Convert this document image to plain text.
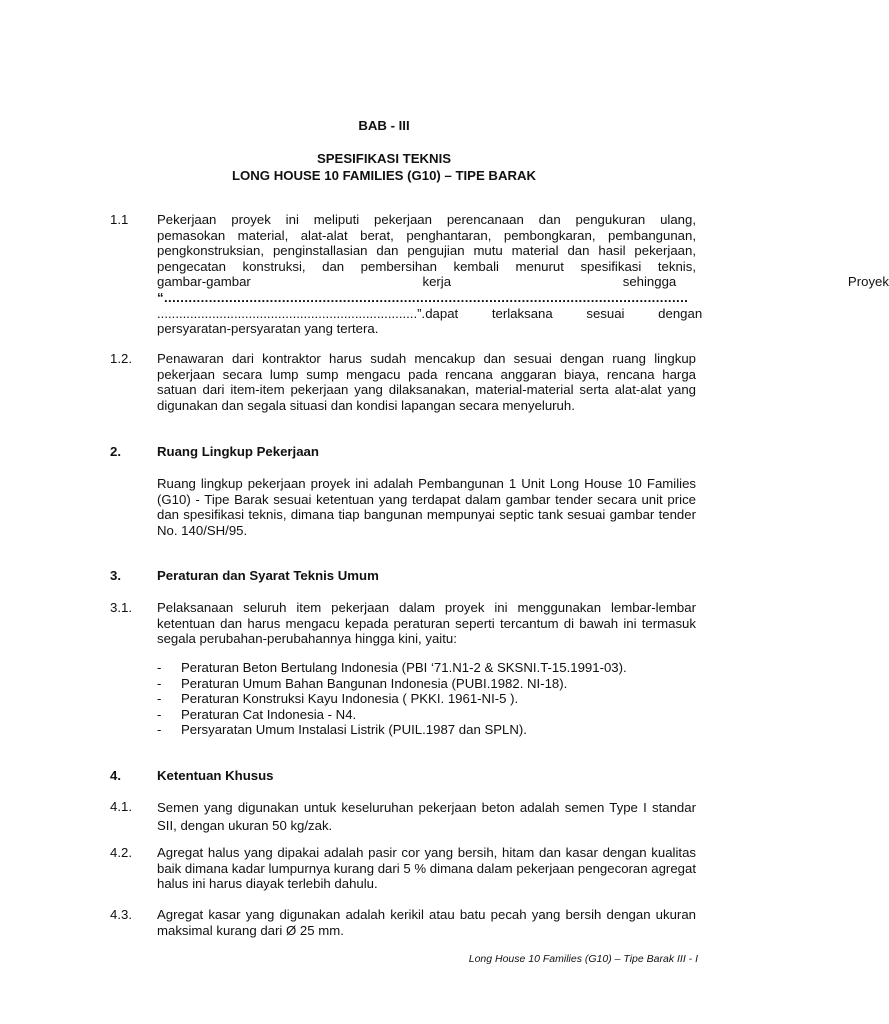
BAB - III
SPESIFIKASI TEKNIS
LONG HOUSE 10 FAMILIES (G10) – TIPE BARAK
1.1 Pekerjaan proyek ini meliputi pekerjaan perencanaan dan pengukuran ulang,
pemasokan material, alat-alat berat, penghantaran, pembongkaran, pembangunan,
pengkonstruksian, penginstallasian dan pengujian mutu material dan hasil pekerjaan,
pengecatan konstruksi, dan pembersihan kembali menurut spesifikasi teknis,
gambar-gambar kerja sehingga Proyek
“.................................................................................................................................
.......................................................................”.dapat terlaksana sesuai dengan
persyaratan-persyaratan yang tertera.
1.2. Penawaran dari kontraktor harus sudah mencakup dan sesuai dengan ruang lingkup pekerjaan secara lump sump mengacu pada rencana anggaran biaya, rencana harga satuan dari item-item pekerjaan yang dilaksanakan, material-material serta alat-alat yang digunakan dan segala situasi dan kondisi lapangan secara menyeluruh.
2.	Ruang Lingkup Pekerjaan
Ruang lingkup pekerjaan proyek ini adalah Pembangunan 1 Unit Long House 10 Families (G10) - Tipe Barak sesuai ketentuan yang terdapat dalam gambar tender secara unit price dan spesifikasi teknis, dimana tiap bangunan mempunyai septic tank sesuai gambar tender No. 140/SH/95.
3.	Peraturan dan Syarat Teknis Umum
3.1. Pelaksanaan seluruh item pekerjaan dalam proyek ini menggunakan lembar-lembar ketentuan dan harus mengacu kepada peraturan seperti tercantum di bawah ini termasuk segala perubahan-perubahannya hingga kini, yaitu:
- Peraturan Beton Bertulang Indonesia (PBI ‘71.N1-2 & SKSNI.T-15.1991-03).
- Peraturan Umum Bahan Bangunan Indonesia (PUBI.1982. NI-18).
- Peraturan Konstruksi Kayu Indonesia ( PKKI. 1961-NI-5 ).
- Peraturan Cat Indonesia - N4.
- Persyaratan Umum Instalasi Listrik (PUIL.1987 dan SPLN).
4.	Ketentuan Khusus
4.1. Semen yang digunakan untuk keseluruhan pekerjaan beton adalah semen Type I standar SII, dengan ukuran 50 kg/zak.
4.2. Agregat halus yang dipakai adalah pasir cor yang bersih, hitam dan kasar dengan kualitas baik dimana kadar lumpurnya kurang dari 5 % dimana dalam pekerjaan pengecoran agregat halus ini harus diayak terlebih dahulu.
4.3. Agregat kasar yang digunakan adalah kerikil atau batu pecah yang bersih dengan ukuran maksimal kurang dari Ø 25 mm.
Long House 10 Families (G10) – Tipe Barak III - I
